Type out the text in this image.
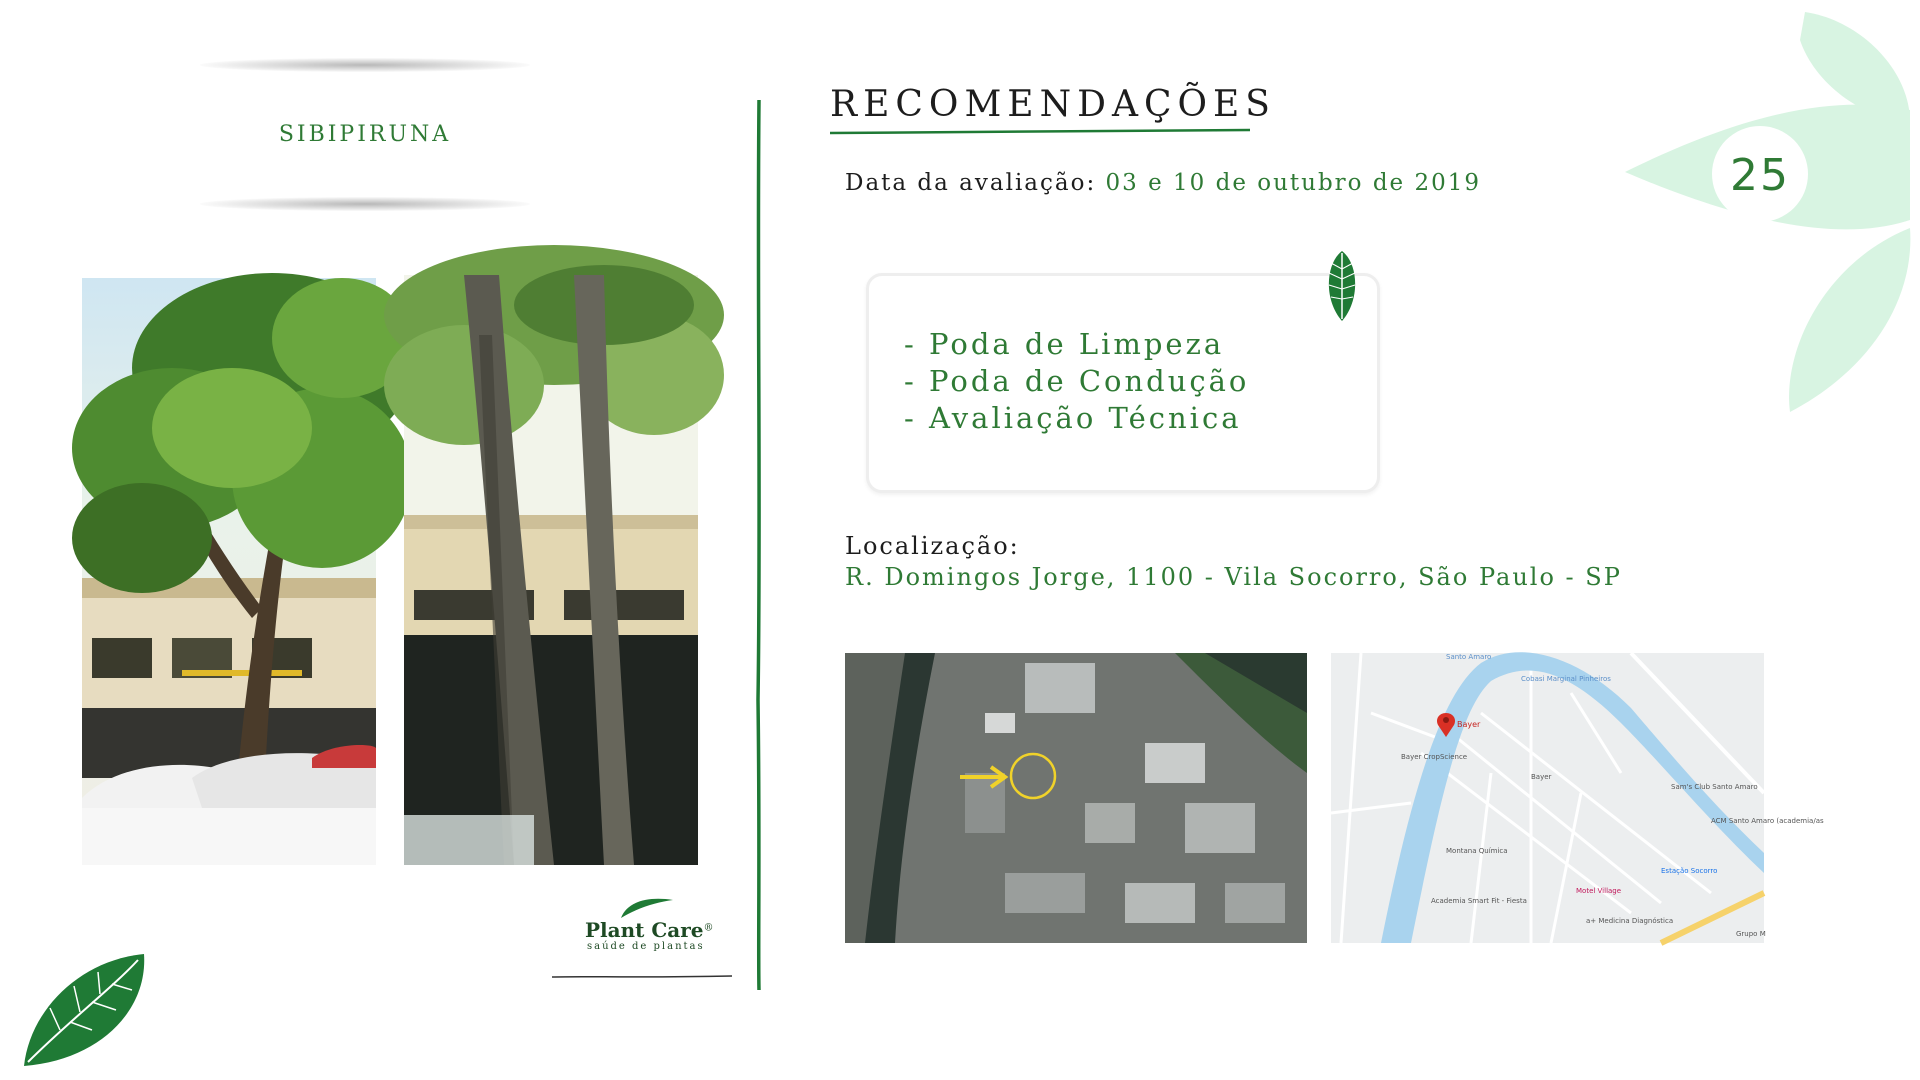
25
SIBIPIRUNA
Plant Care®
saúde de plantas
RECOMENDAÇÕES
Data da avaliação: 03 e 10 de outubro de 2019
- Poda de Limpeza
- Poda de Condução
- Avaliação Técnica
Localização:
R. Domingos Jorge, 1100 - Vila Socorro, São Paulo - SP
Bayer
Santo Amaro
Cobasi Marginal Pinheiros
Bayer CropScience
Bayer
Montana Química
Academia Smart Fit - Fiesta
Motel Village
a+ Medicina Diagnóstica
Estação Socorro
Sam's Club Santo Amaro
ACM Santo Amaro (academia/as
Grupo M
